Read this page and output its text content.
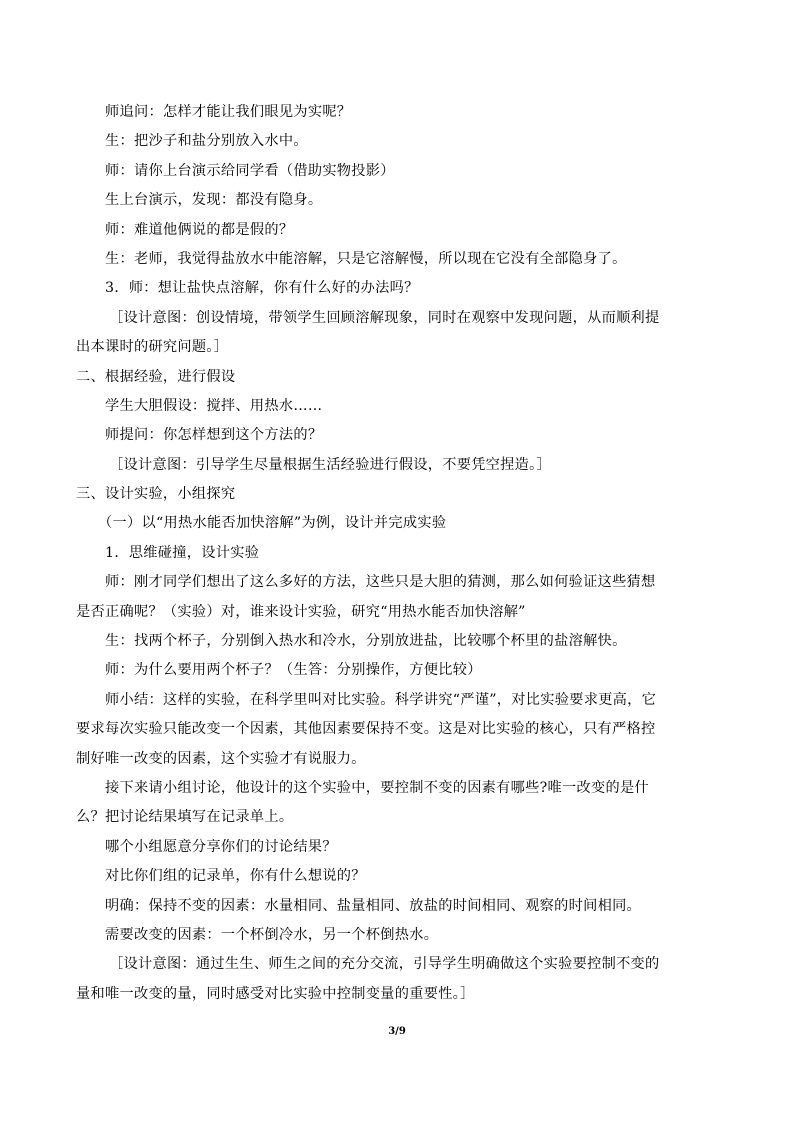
师追问：怎样才能让我们眼见为实呢？
生：把沙子和盐分别放入水中。
师：请你上台演示给同学看（借助实物投影）
生上台演示，发现：都没有隐身。
师：难道他俩说的都是假的？
生：老师，我觉得盐放水中能溶解，只是它溶解慢，所以现在它没有全部隐身了。
3．师：想让盐快点溶解，你有什么好的办法吗？
［设计意图：创设情境，带领学生回顾溶解现象，同时在观察中发现问题，从而顺利提
出本课时的研究问题。］
二、根据经验，进行假设
学生大胆假设：搅拌、用热水……
师提问：你怎样想到这个方法的？
［设计意图：引导学生尽量根据生活经验进行假设，不要凭空捏造。］
三、设计实验，小组探究
（一）以“用热水能否加快溶解”为例，设计并完成实验
1．思维碰撞，设计实验
师：刚才同学们想出了这么多好的方法，这些只是大胆的猜测，那么如何验证这些猜想
是否正确呢？（实验）对，谁来设计实验，研究“用热水能否加快溶解”
生：找两个杯子，分别倒入热水和冷水，分别放进盐，比较哪个杯里的盐溶解快。
师：为什么要用两个杯子？（生答：分别操作，方便比较）
师小结：这样的实验，在科学里叫对比实验。科学讲究“严谨”，对比实验要求更高，它
要求每次实验只能改变一个因素，其他因素要保持不变。这是对比实验的核心，只有严格控
制好唯一改变的因素，这个实验才有说服力。
接下来请小组讨论，他设计的这个实验中，要控制不变的因素有哪些?唯一改变的是什
么？把讨论结果填写在记录单上。
哪个小组愿意分享你们的讨论结果？
对比你们组的记录单，你有什么想说的？
明确：保持不变的因素：水量相同、盐量相同、放盐的时间相同、观察的时间相同。
需要改变的因素：一个杯倒冷水，另一个杯倒热水。
［设计意图：通过生生、师生之间的充分交流，引导学生明确做这个实验要控制不变的
量和唯一改变的量，同时感受对比实验中控制变量的重要性。］
3/9
